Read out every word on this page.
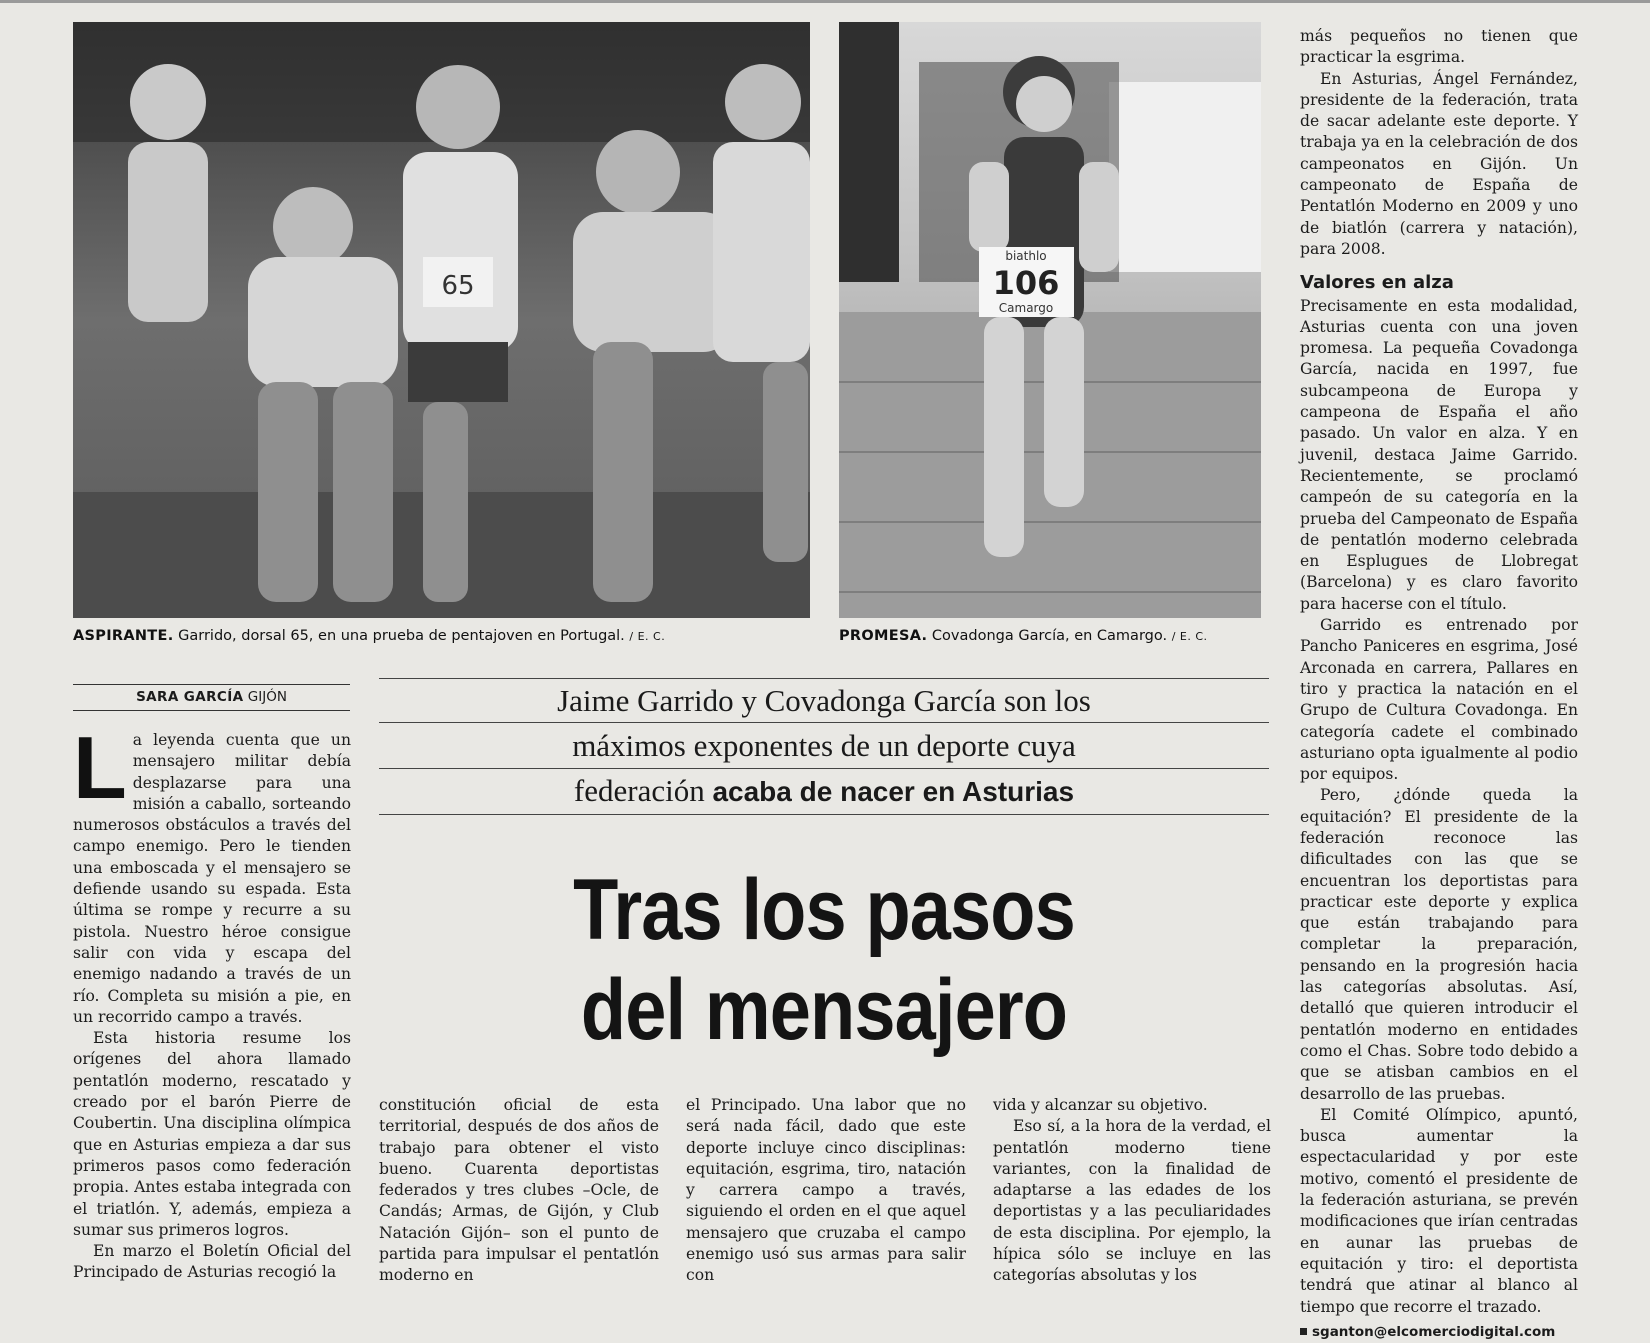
65
biathlo
106
Camargo
ASPIRANTE. Garrido, dorsal 65, en una prueba de pentajoven en Portugal. / E. C.	PROMESA. Covadonga García, en Camargo. / E. C.
SARA GARCÍA GIJÓN	Jaime Garrido y Covadonga García son los
máximos exponentes de un deporte cuya
federación acaba de nacer en Asturias
Tras los pasos
del mensajero

La leyenda cuenta que un mensajero militar debía desplazarse para una misión a caballo, sorteando numerosos obstáculos a través del campo enemigo. Pero le tienden una emboscada y el mensajero se defiende usando su espada. Esta última se rompe y recurre a su pistola. Nuestro héroe consigue salir con vida y escapa del enemigo nadando a través de un río. Completa su misión a pie, en un recorrido campo a través.

Esta historia resume los orígenes del ahora llamado pentatlón moderno, rescatado y creado por el barón Pierre de Coubertin. Una disciplina olímpica que en Asturias empieza a dar sus primeros pasos como federación propia. Antes estaba integrada con el triatlón. Y, además, empieza a sumar sus primeros logros.

En marzo el Boletín Oficial del Principado de Asturias recogió la

constitución oficial de esta territorial, después de dos años de trabajo para obtener el visto bueno. Cuarenta deportistas federados y tres clubes –Ocle, de Candás; Armas, de Gijón, y Club Natación Gijón– son el punto de partida para impulsar el pentatlón moderno en

el Principado. Una labor que no será nada fácil, dado que este deporte incluye cinco disciplinas: equitación, esgrima, tiro, natación y carrera campo a través, siguiendo el orden en el que aquel mensajero que cruzaba el campo enemigo usó sus armas para salir con

vida y alcanzar su objetivo.

Eso sí, a la hora de la verdad, el pentatlón moderno tiene variantes, con la finalidad de adaptarse a las edades de los deportistas y a las peculiaridades de esta disciplina. Por ejemplo, la hípica sólo se incluye en las categorías absolutas y los

más pequeños no tienen que practicar la esgrima.

En Asturias, Ángel Fernández, presidente de la federación, trata de sacar adelante este deporte. Y trabaja ya en la celebración de dos campeonatos en Gijón. Un campeonato de España de Pentatlón Moderno en 2009 y uno de biatlón (carrera y natación), para 2008.

Valores en alza

Precisamente en esta modalidad, Asturias cuenta con una joven promesa. La pequeña Covadonga García, nacida en 1997, fue subcampeona de Europa y campeona de España el año pasado. Un valor en alza. Y en juvenil, destaca Jaime Garrido. Recientemente, se proclamó campeón de su categoría en la prueba del Campeonato de España de pentatlón moderno celebrada en Esplugues de Llobregat (Barcelona) y es claro favorito para hacerse con el título.

Garrido es entrenado por Pancho Paniceres en esgrima, José Arconada en carrera, Pallares en tiro y practica la natación en el Grupo de Cultura Covadonga. En categoría cadete el combinado asturiano opta igualmente al podio por equipos.

Pero, ¿dónde queda la equitación? El presidente de la federación reconoce las dificultades con las que se encuentran los deportistas para practicar este deporte y explica que están trabajando para completar la preparación, pensando en la progresión hacia las categorías absolutas. Así, detalló que quieren introducir el pentatlón moderno en entidades como el Chas. Sobre todo debido a que se atisban cambios en el desarrollo de las pruebas.

El Comité Olímpico, apuntó, busca aumentar la espectacularidad y por este motivo, comentó el presidente de la federación asturiana, se prevén modificaciones que irían centradas en aunar las pruebas de equitación y tiro: el deportista tendrá que atinar al blanco al tiempo que recorre el trazado.

sganton@elcomerciodigital.com
